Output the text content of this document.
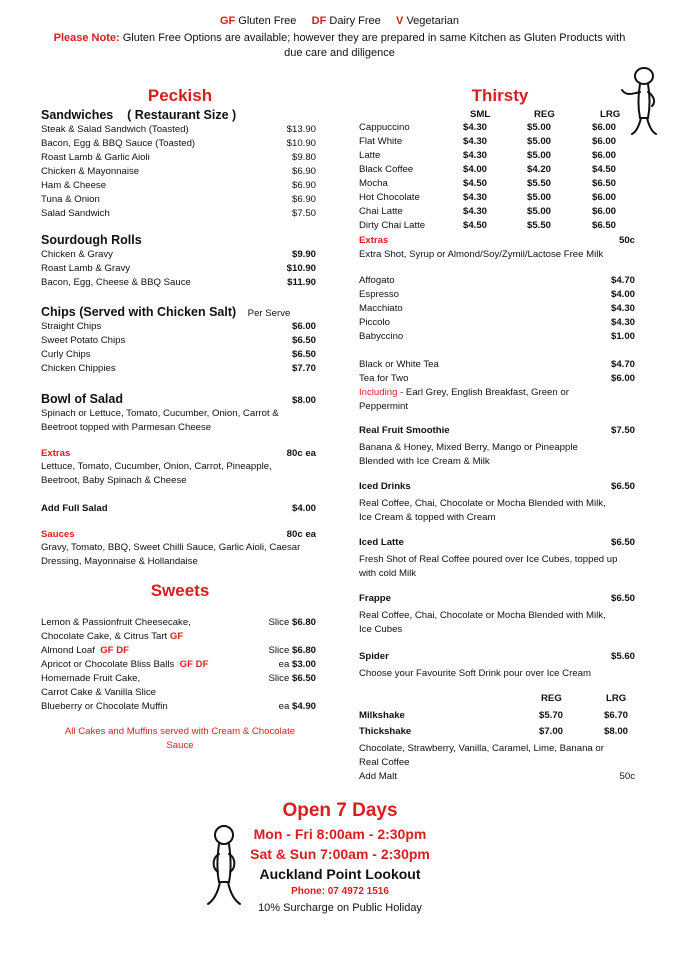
GF Gluten Free DF Dairy Free V Vegetarian
Please Note: Gluten Free Options are available; however they are prepared in same Kitchen as Gluten Products with
due care and diligence
Peckish
Sandwiches ( Restaurant Size )
Sourdough Rolls
Chips (Served with Chicken Salt) Per Serve
Bowl of Salad	$8.00
Spinach or Lettuce, Tomato, Cucumber, Onion, Carrot &
Beetroot topped with Parmesan Cheese
Extras	80c ea
Lettuce, Tomato, Cucumber, Onion, Carrot, Pineapple,
Beetroot, Baby Spinach & Cheese
Add Full Salad	$4.00
Sauces	80c ea
Gravy, Tomato, BBQ, Sweet Chilli Sauce, Garlic Aioli, Caesar
Dressing, Mayonnaise & Hollandaise
Sweets
Lemon & Passionfruit Cheesecake,
Chocolate Cake, & Citrus Tart GF
Slice $6.80
Almond Loaf GF DF	Slice $6.80
Apricot or Chocolate Bliss Balls GF DF	ea $3.00
Homemade Fruit Cake,
Carrot Cake & Vanilla Slice
Slice $6.50
Blueberry or Chocolate Muffin	ea $4.90
All Cakes and Muffins served with Cream & Chocolate
Sauce
Thirsty
SML	REG	LRG
Extras	50c
Extra Shot, Syrup or Almond/Soy/Zymil/Lactose Free Milk
Including - Earl Grey, English Breakfast, Green or
Peppermint
REG	LRG
Milkshake	$5.70	$6.70
Thickshake	$7.00	$8.00
Chocolate, Strawberry, Vanilla, Caramel, Lime, Banana or
Real Coffee
Add Malt	50c
Open 7 Days
Mon - Fri 8:00am - 2:30pm
Sat & Sun 7:00am - 2:30pm
Auckland Point Lookout
Phone: 07 4972 1516
10% Surcharge on Public Holiday
Steak & Salad Sandwich (Toasted)	$13.90
Bacon, Egg & BBQ Sauce (Toasted)	$10.90
Roast Lamb & Garlic Aioli	$9.80
Chicken & Mayonnaise	$6.90
Ham & Cheese	$6.90
Tuna & Onion	$6.90
Salad Sandwich	$7.50
Chicken & Gravy	$9.90
Roast Lamb & Gravy	$10.90
Bacon, Egg, Cheese & BBQ Sauce	$11.90
Straight Chips	$6.00
Sweet Potato Chips	$6.50
Curly Chips	$6.50
Chicken Chippies	$7.70
Cappuccino	$4.30	$5.00	$6.00
Flat White	$4.30	$5.00	$6.00
Latte	$4.30	$5.00	$6.00
Black Coffee	$4.00	$4.20	$4.50
Mocha	$4.50	$5.50	$6.50
Hot Chocolate	$4.30	$5.00	$6.00
Chai Latte	$4.30	$5.00	$6.00
Dirty Chai Latte	$4.50	$5.50	$6.50
Affogato	$4.70
Espresso	$4.00
Macchiato	$4.30
Piccolo	$4.30
Babyccino	$1.00
Black or White Tea	$4.70
Tea for Two	$6.00
Real Fruit Smoothie	$7.50
Banana & Honey, Mixed Berry, Mango or Pineapple
Blended with Ice Cream & Milk
Iced Drinks	$6.50
Real Coffee, Chai, Chocolate or Mocha Blended with Milk,
Ice Cream & topped with Cream
Iced Latte	$6.50
Fresh Shot of Real Coffee poured over Ice Cubes, topped up
with cold Milk
Frappe	$6.50
Real Coffee, Chai, Chocolate or Mocha Blended with Milk,
Ice Cubes
Spider	$5.60
Choose your Favourite Soft Drink pour over Ice Cream
